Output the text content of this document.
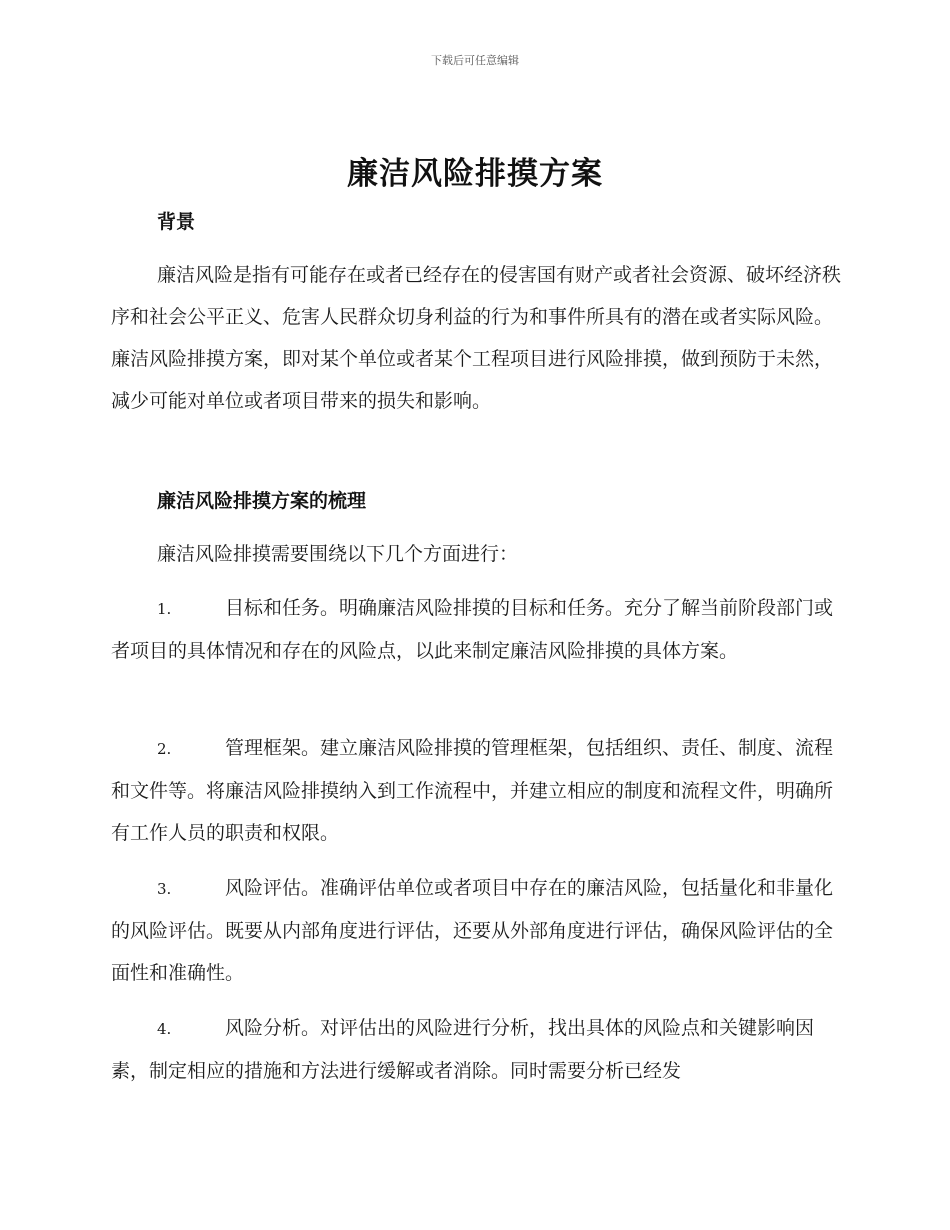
下载后可任意编辑
廉洁风险排摸方案
背景

廉洁风险是指有可能存在或者已经存在的侵害国有财产或者社会资源、破坏经济秩序和社会公平正义、危害人民群众切身利益的行为和事件所具有的潜在或者实际风险。廉洁风险排摸方案，即对某个单位或者某个工程项目进行风险排摸，做到预防于未然，减少可能对单位或者项目带来的损失和影响。

廉洁风险排摸方案的梳理
廉洁风险排摸需要围绕以下几个方面进行：

1.	目标和任务。明确廉洁风险排摸的目标和任务。充分了解当前阶段部门或者项目的具体情况和存在的风险点，以此来制定廉洁风险排摸的具体方案。

2.	管理框架。建立廉洁风险排摸的管理框架，包括组织、责任、制度、流程和文件等。将廉洁风险排摸纳入到工作流程中，并建立相应的制度和流程文件，明确所有工作人员的职责和权限。

3.	风险评估。准确评估单位或者项目中存在的廉洁风险，包括量化和非量化的风险评估。既要从内部角度进行评估，还要从外部角度进行评估，确保风险评估的全面性和准确性。

4.	风险分析。对评估出的风险进行分析，找出具体的风险点和关键影响因素，制定相应的措施和方法进行缓解或者消除。同时需要分析已经发
